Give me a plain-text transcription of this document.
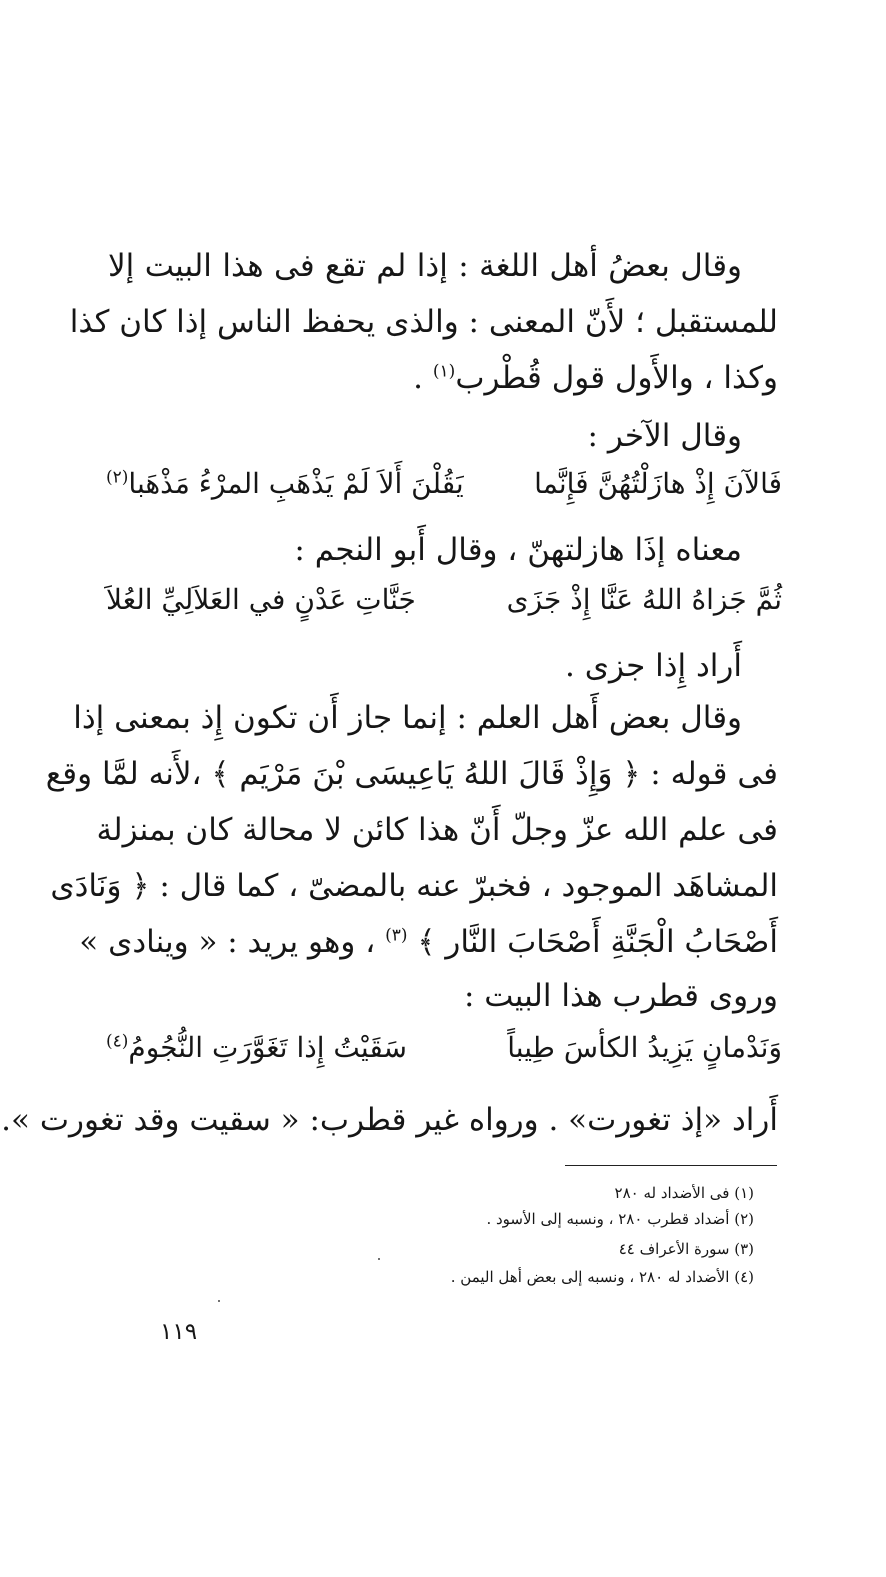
وقال بعضُ أهل اللغة : إذا لم تقع فى هذا البيت إلا
للمستقبل ؛ لأَنّ المعنى : والذى يحفظ الناس إذا كان كذا
وكذا ، والأَول قول قُطْرب$^{(١)}$ .
وقال الآخر :
فَالآنَ إِذْ هازَلْتُهُنَّ فَإِنَّما
يَقُلْنَ أَلاَ لَمْ يَذْهَبِ المرْءُ مَذْهَبا$^{(٢)}$
معناه إذَا هازلتهنّ ، وقال أَبو النجم :
ثُمَّ جَزاهُ اللهُ عَنَّا إِذْ جَزَى
جَنَّاتِ عَدْنٍ في العَلاَلِيِّ العُلاَ
أَراد إِذا جزى .
وقال بعض أَهل العلم : إنما جاز أَن تكون إِذ بمعنى إذا
فى قوله : ﴿ وَإِذْ قَالَ اللهُ يَاعِيسَى بْنَ مَرْيَم ﴾ ،لأَنه لمَّا وقع
فى علم الله عزّ وجلّ أَنّ هذا كائن لا محالة كان بمنزلة
المشاهَد الموجود ، فخبرّ عنه بالمضىّ ، كما قال : ﴿ وَنَادَى
أَصْحَابُ الْجَنَّةِ أَصْحَابَ النَّار ﴾ $^{(٣)}$ ، وهو يريد : « وينادى »
وروى قطرب هذا البيت :
وَنَدْمانٍ يَزِيدُ الكأسَ طِيباً
سَقَيْتُ إِذا تَغَوَّرَتِ النُّجُومُ$^{(٤)}$
أَراد «إذ تغورت» . ورواه غير قطرب: « سقيت وقد تغورت ».
(١) فى الأضداد له ٢٨٠
(٢) أضداد قطرب ٢٨٠ ، ونسبه إلى الأسود .
(٣) سورة الأعراف ٤٤
(٤) الأضداد له ٢٨٠ ، ونسبه إلى بعض أهل اليمن .
١١٩
